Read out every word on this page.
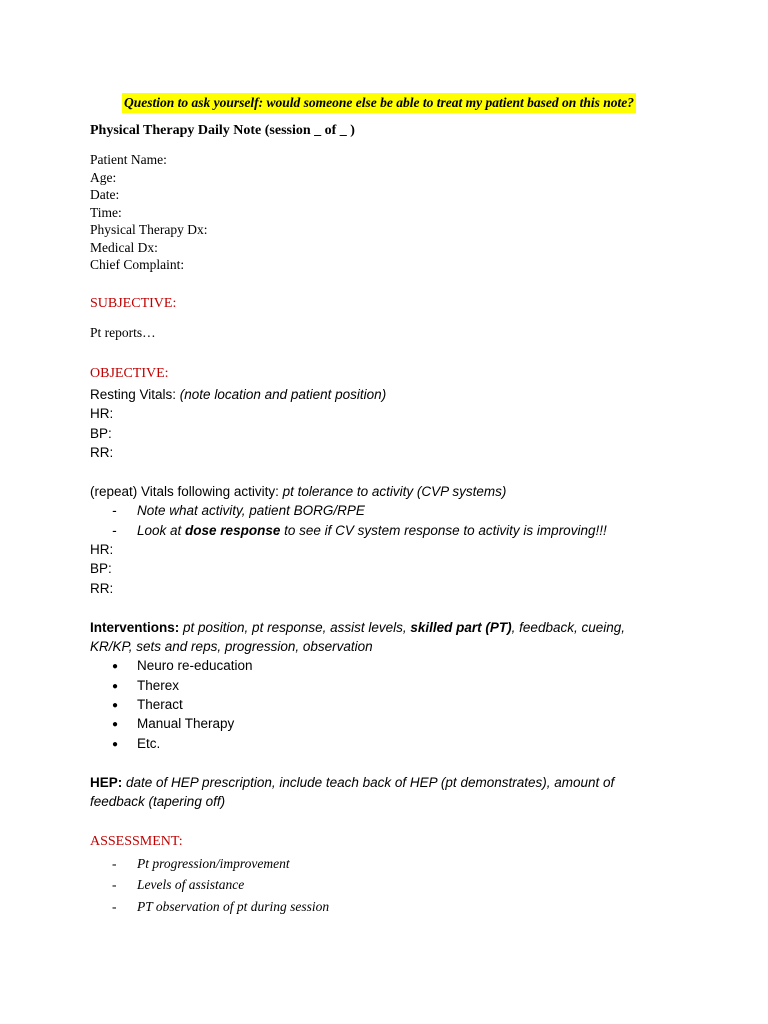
Question to ask yourself: would someone else be able to treat my patient based on this note?
Physical Therapy Daily Note (session _ of _ )
Patient Name:
Age:
Date:
Time:
Physical Therapy Dx:
Medical Dx:
Chief Complaint:
SUBJECTIVE:
Pt reports…
OBJECTIVE:
Resting Vitals: (note location and patient position)
HR:
BP:
RR:
(repeat) Vitals following activity: pt tolerance to activity (CVP systems)
- Note what activity, patient BORG/RPE
- Look at dose response to see if CV system response to activity is improving!!!
HR:
BP:
RR:
Interventions: pt position, pt response, assist levels, skilled part (PT), feedback, cueing,
KR/KP, sets and reps, progression, observation
● Neuro re-education
● Therex
● Theract
● Manual Therapy
● Etc.
HEP: date of HEP prescription, include teach back of HEP (pt demonstrates), amount of
feedback (tapering off)
ASSESSMENT:
- Pt progression/improvement
- Levels of assistance
- PT observation of pt during session
